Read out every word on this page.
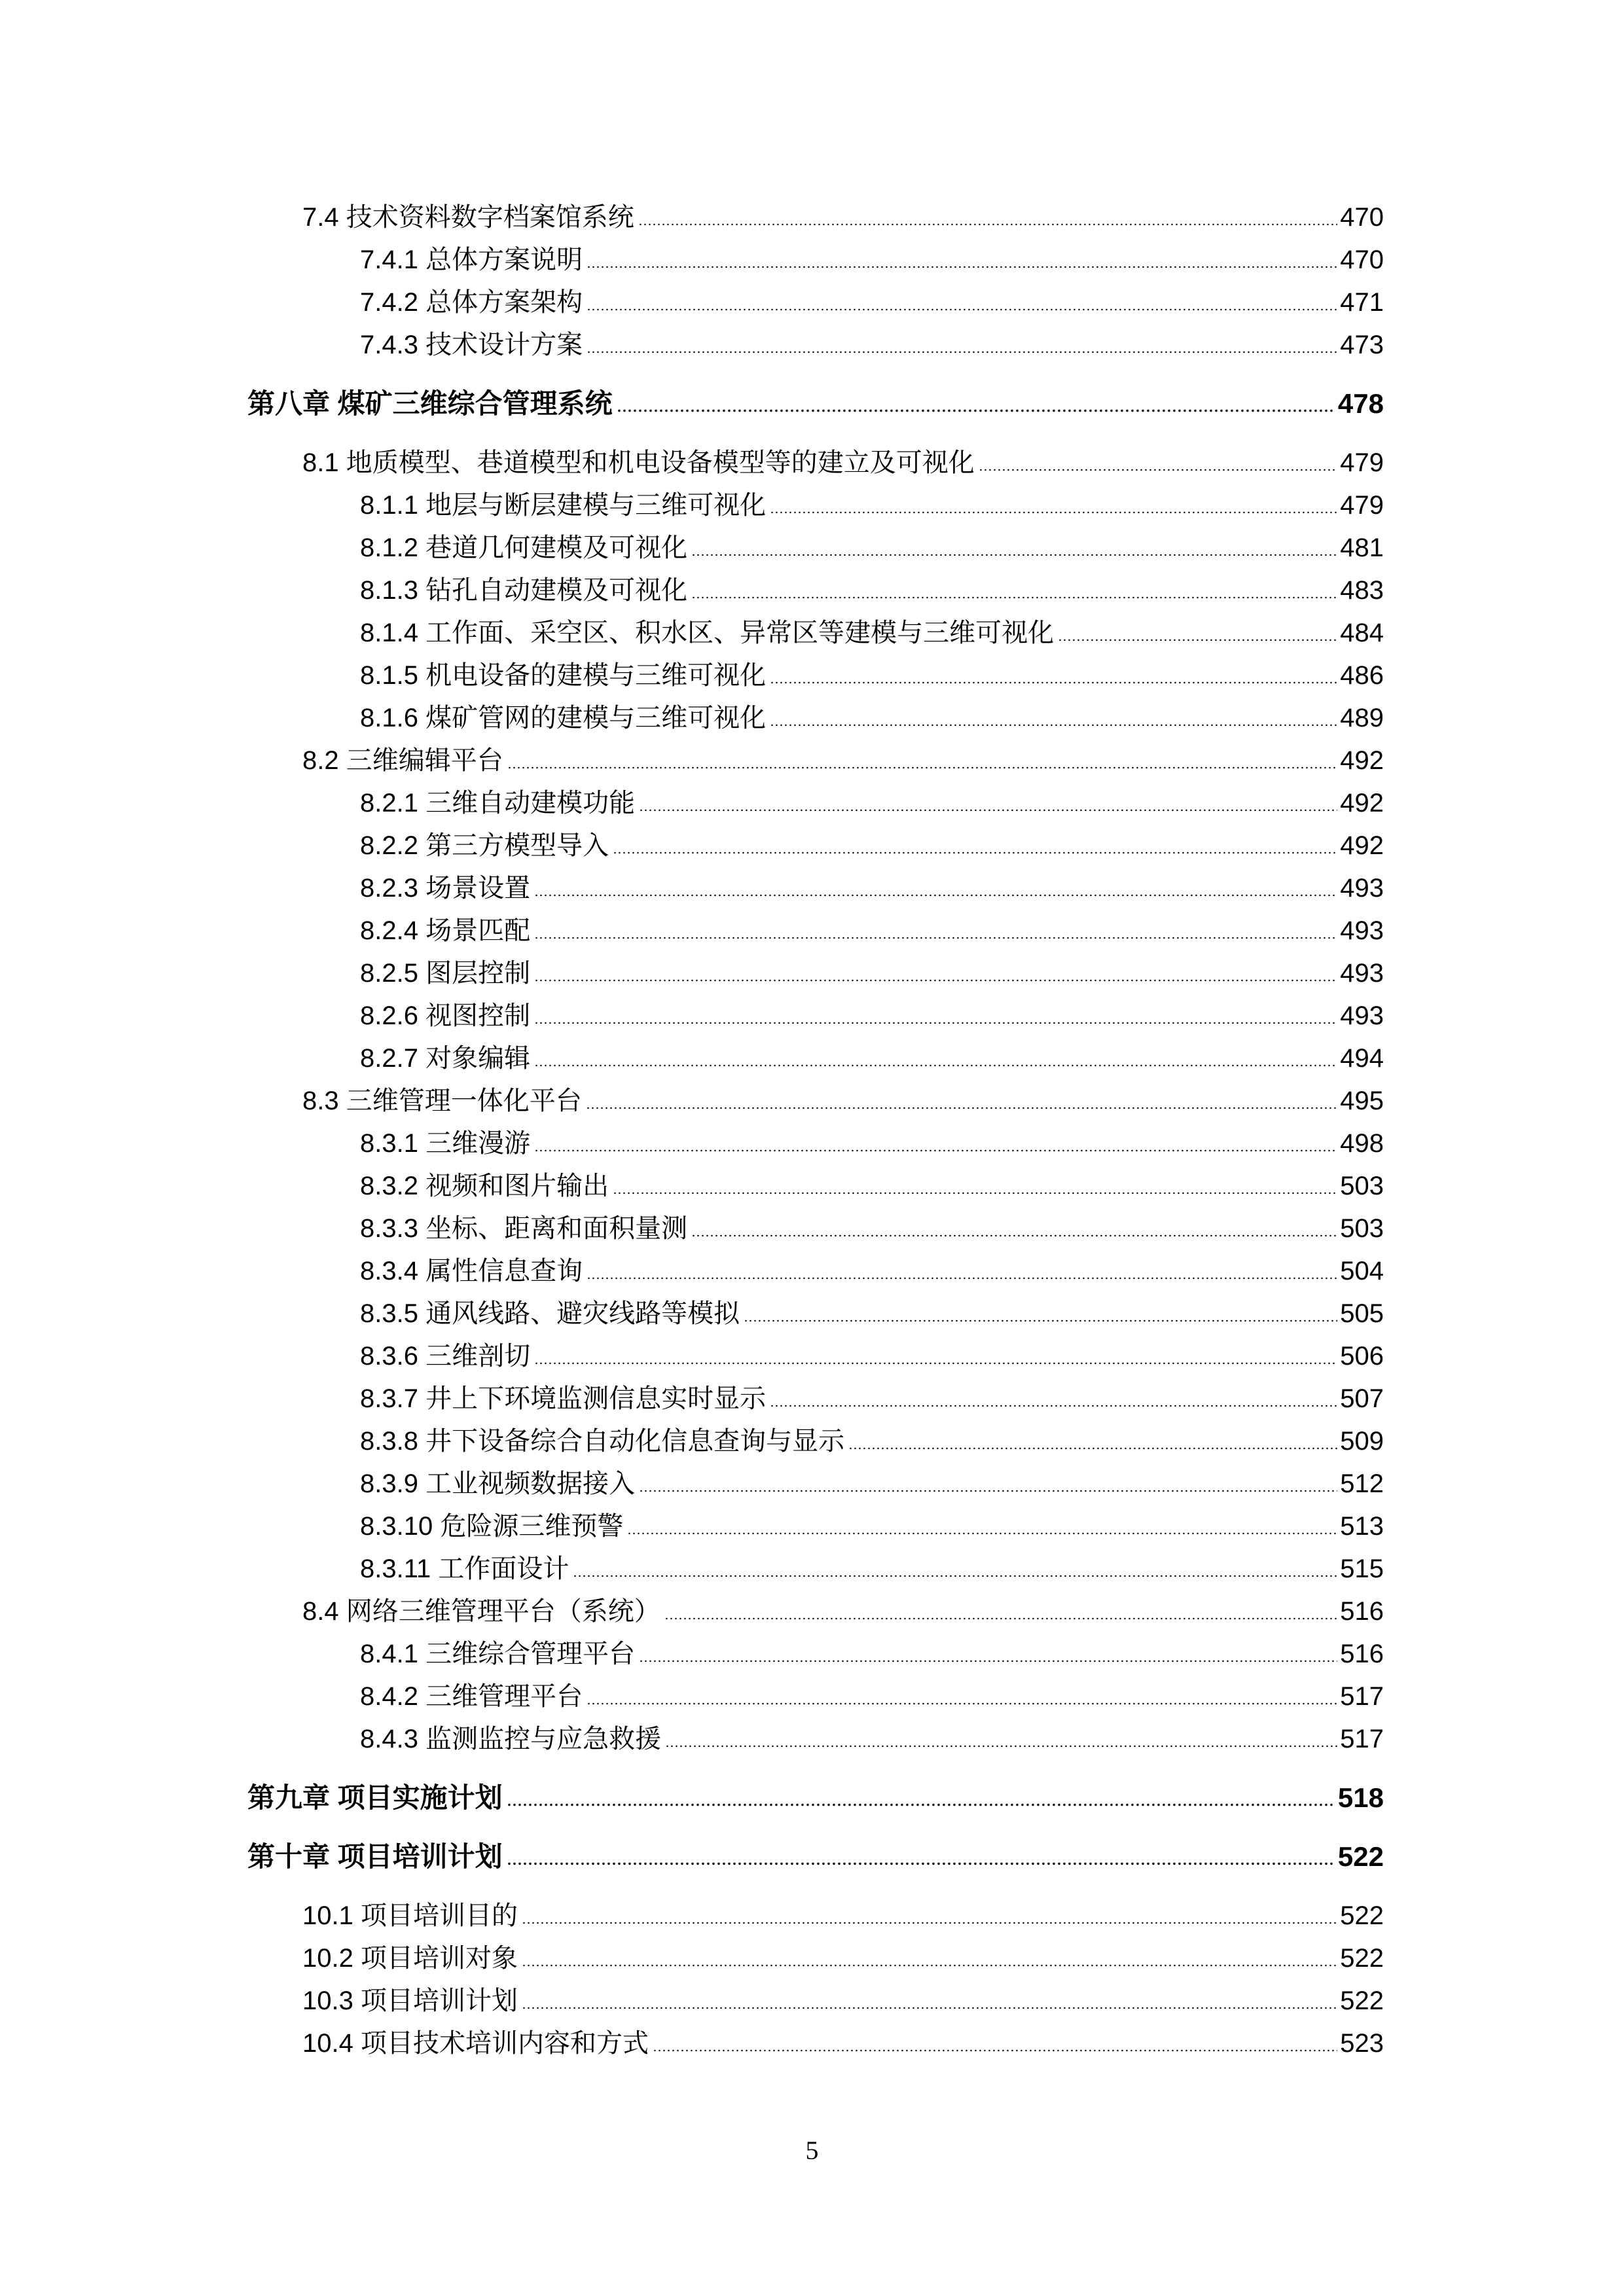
7.4 技术资料数字档案馆系统	470
7.4.1 总体方案说明	470
7.4.2 总体方案架构	471
7.4.3 技术设计方案	473
第八章 煤矿三维综合管理系统	478
8.1 地质模型、巷道模型和机电设备模型等的建立及可视化	479
8.1.1 地层与断层建模与三维可视化	479
8.1.2 巷道几何建模及可视化	481
8.1.3 钻孔自动建模及可视化	483
8.1.4 工作面、采空区、积水区、异常区等建模与三维可视化	484
8.1.5 机电设备的建模与三维可视化	486
8.1.6 煤矿管网的建模与三维可视化	489
8.2 三维编辑平台	492
8.2.1 三维自动建模功能	492
8.2.2 第三方模型导入	492
8.2.3 场景设置	493
8.2.4 场景匹配	493
8.2.5 图层控制	493
8.2.6 视图控制	493
8.2.7 对象编辑	494
8.3 三维管理一体化平台	495
8.3.1 三维漫游	498
8.3.2 视频和图片输出	503
8.3.3 坐标、距离和面积量测	503
8.3.4 属性信息查询	504
8.3.5 通风线路、避灾线路等模拟	505
8.3.6 三维剖切	506
8.3.7 井上下环境监测信息实时显示	507
8.3.8 井下设备综合自动化信息查询与显示	509
8.3.9 工业视频数据接入	512
8.3.10 危险源三维预警	513
8.3.11 工作面设计	515
8.4 网络三维管理平台（系统）	516
8.4.1 三维综合管理平台	516
8.4.2 三维管理平台	517
8.4.3 监测监控与应急救援	517
第九章 项目实施计划	518
第十章 项目培训计划	522
10.1 项目培训目的	522
10.2 项目培训对象	522
10.3 项目培训计划	522
10.4 项目技术培训内容和方式	523
5
